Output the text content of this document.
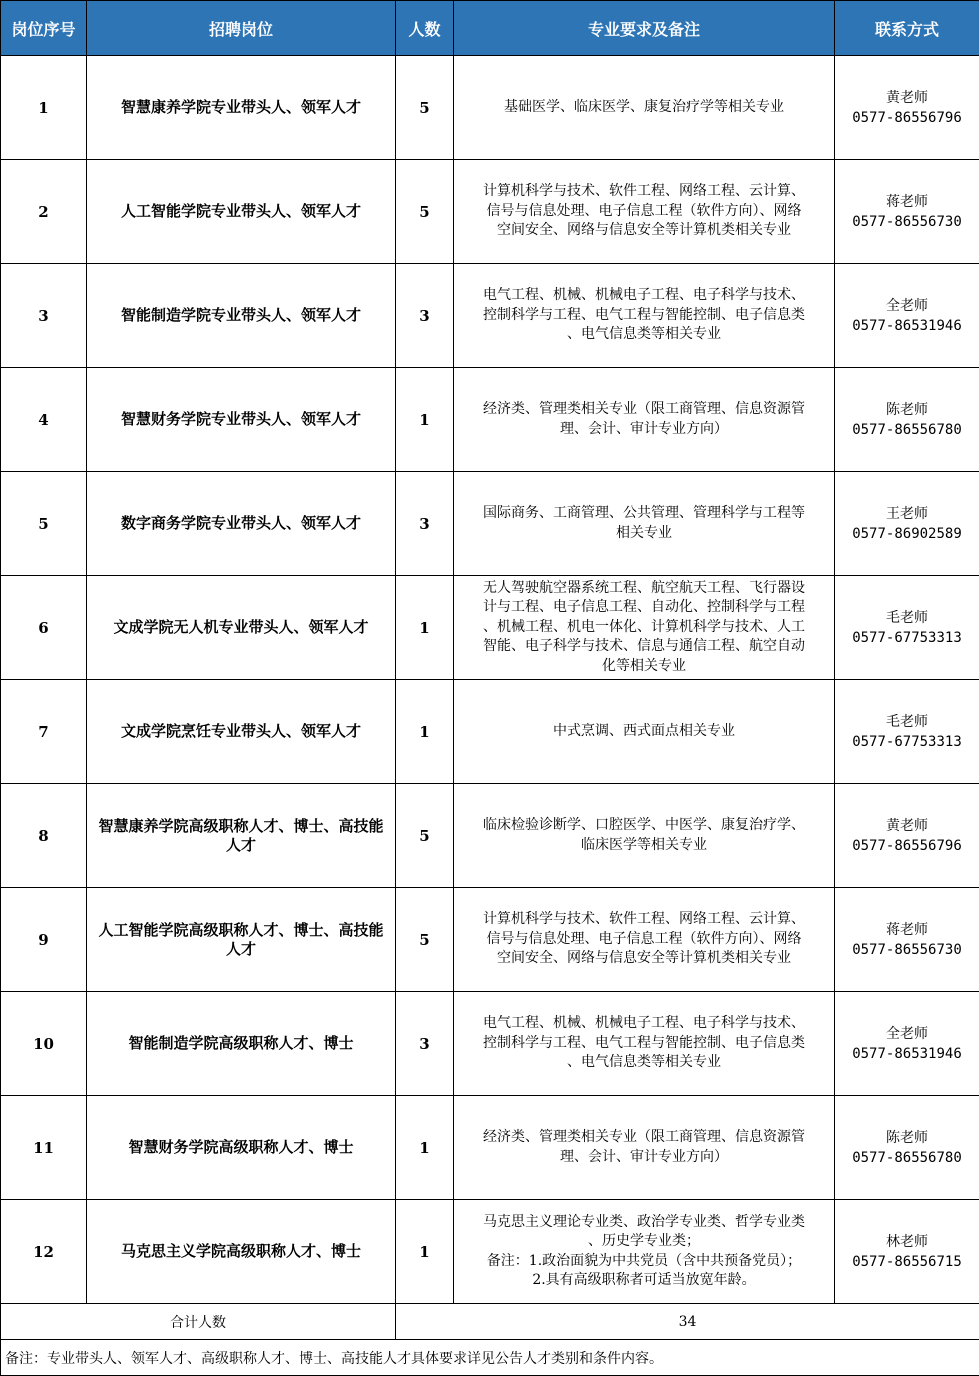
岗位序号	招聘岗位	人数	专业要求及备注	联系方式
1	智慧康养学院专业带头人、领军人才	5	基础医学、临床医学、康复治疗学等相关专业	黄老师
0577-86556796

2	人工智能学院专业带头人、领军人才	5	计算机科学与技术、软件工程、网络工程、云计算、
信号与信息处理、电子信息工程（软件方向）、网络
空间安全、网络与信息安全等计算机类相关专业	蒋老师
0577-86556730

3	智能制造学院专业带头人、领军人才	3	电气工程、机械、机械电子工程、电子科学与技术、
控制科学与工程、电气工程与智能控制、电子信息类
、电气信息类等相关专业	全老师
0577-86531946

4	智慧财务学院专业带头人、领军人才	1	经济类、管理类相关专业（限工商管理、信息资源管
理、会计、审计专业方向）	陈老师
0577-86556780

5	数字商务学院专业带头人、领军人才	3	国际商务、工商管理、公共管理、管理科学与工程等
相关专业	王老师
0577-86902589

6	文成学院无人机专业带头人、领军人才	1	无人驾驶航空器系统工程、航空航天工程、飞行器设
计与工程、电子信息工程、自动化、控制科学与工程
、机械工程、机电一体化、计算机科学与技术、人工
智能、电子科学与技术、信息与通信工程、航空自动
化等相关专业	毛老师
0577-67753313

7	文成学院烹饪专业带头人、领军人才	1	中式烹调、西式面点相关专业	毛老师
0577-67753313

8	智慧康养学院高级职称人才、博士、高技能人才	5	临床检验诊断学、口腔医学、中医学、康复治疗学、
临床医学等相关专业	黄老师
0577-86556796

9	人工智能学院高级职称人才、博士、高技能人才	5	计算机科学与技术、软件工程、网络工程、云计算、
信号与信息处理、电子信息工程（软件方向）、网络
空间安全、网络与信息安全等计算机类相关专业	蒋老师
0577-86556730

10	智能制造学院高级职称人才、博士	3	电气工程、机械、机械电子工程、电子科学与技术、
控制科学与工程、电气工程与智能控制、电子信息类
、电气信息类等相关专业	全老师
0577-86531946

11	智慧财务学院高级职称人才、博士	1	经济类、管理类相关专业（限工商管理、信息资源管
理、会计、审计专业方向）	陈老师
0577-86556780

12	马克思主义学院高级职称人才、博士	1	马克思主义理论专业类、政治学专业类、哲学专业类
、历史学专业类；
备注：1.政治面貌为中共党员（含中共预备党员）；
2.具有高级职称者可适当放宽年龄。	林老师
0577-86556715

合计人数		34		
备注：专业带头人、领军人才、高级职称人才、博士、高技能人才具体要求详见公告人才类别和条件内容。				
